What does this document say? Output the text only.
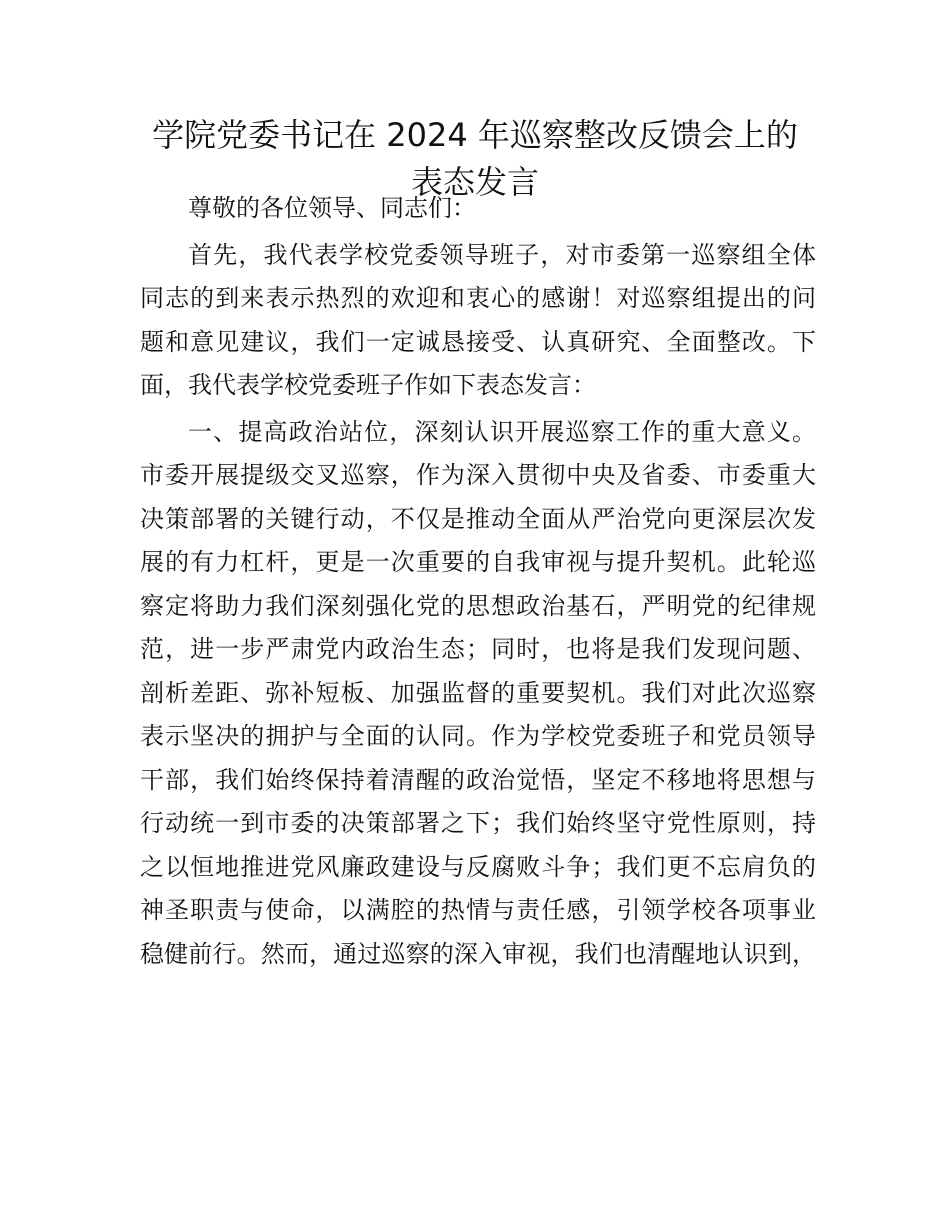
学院党委书记在 2024 年巡察整改反馈会上的
表态发言
尊敬的各位领导、同志们：
首先，我代表学校党委领导班子，对市委第一巡察组全体
同志的到来表示热烈的欢迎和衷心的感谢！对巡察组提出的问
题和意见建议，我们一定诚恳接受、认真研究、全面整改。下
面，我代表学校党委班子作如下表态发言：
一、提高政治站位，深刻认识开展巡察工作的重大意义。
市委开展提级交叉巡察，作为深入贯彻中央及省委、市委重大
决策部署的关键行动，不仅是推动全面从严治党向更深层次发
展的有力杠杆，更是一次重要的自我审视与提升契机。此轮巡
察定将助力我们深刻强化党的思想政治基石，严明党的纪律规
范，进一步严肃党内政治生态；同时，也将是我们发现问题、
剖析差距、弥补短板、加强监督的重要契机。我们对此次巡察
表示坚决的拥护与全面的认同。作为学校党委班子和党员领导
干部，我们始终保持着清醒的政治觉悟，坚定不移地将思想与
行动统一到市委的决策部署之下；我们始终坚守党性原则，持
之以恒地推进党风廉政建设与反腐败斗争；我们更不忘肩负的
神圣职责与使命，以满腔的热情与责任感，引领学校各项事业
稳健前行。然而，通过巡察的深入审视，我们也清醒地认识到，
